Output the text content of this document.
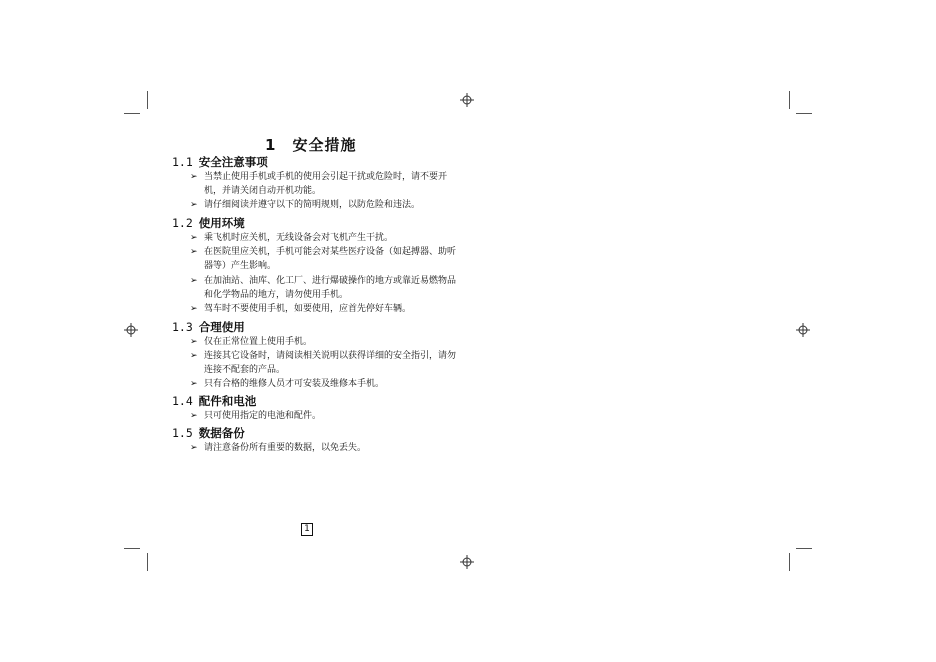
1 安全措施
1.1 安全注意事项
➢ 当禁止使用手机或手机的使用会引起干扰或危险时，请不要开机，并请关闭自动开机功能。
➢ 请仔细阅读并遵守以下的简明规则，以防危险和违法。
1.2 使用环境
➢ 乘飞机时应关机，无线设备会对飞机产生干扰。
➢ 在医院里应关机，手机可能会对某些医疗设备（如起搏器、助听器等）产生影响。
➢ 在加油站、油库、化工厂、进行爆破操作的地方或靠近易燃物品和化学物品的地方，请勿使用手机。
➢ 驾车时不要使用手机，如要使用，应首先停好车辆。
1.3 合理使用
➢ 仅在正常位置上使用手机。
➢ 连接其它设备时，请阅读相关说明以获得详细的安全指引，请勿连接不配套的产品。
➢ 只有合格的维修人员才可安装及维修本手机。
1.4 配件和电池
➢ 只可使用指定的电池和配件。
1.5 数据备份
➢ 请注意备份所有重要的数据，以免丢失。
1
